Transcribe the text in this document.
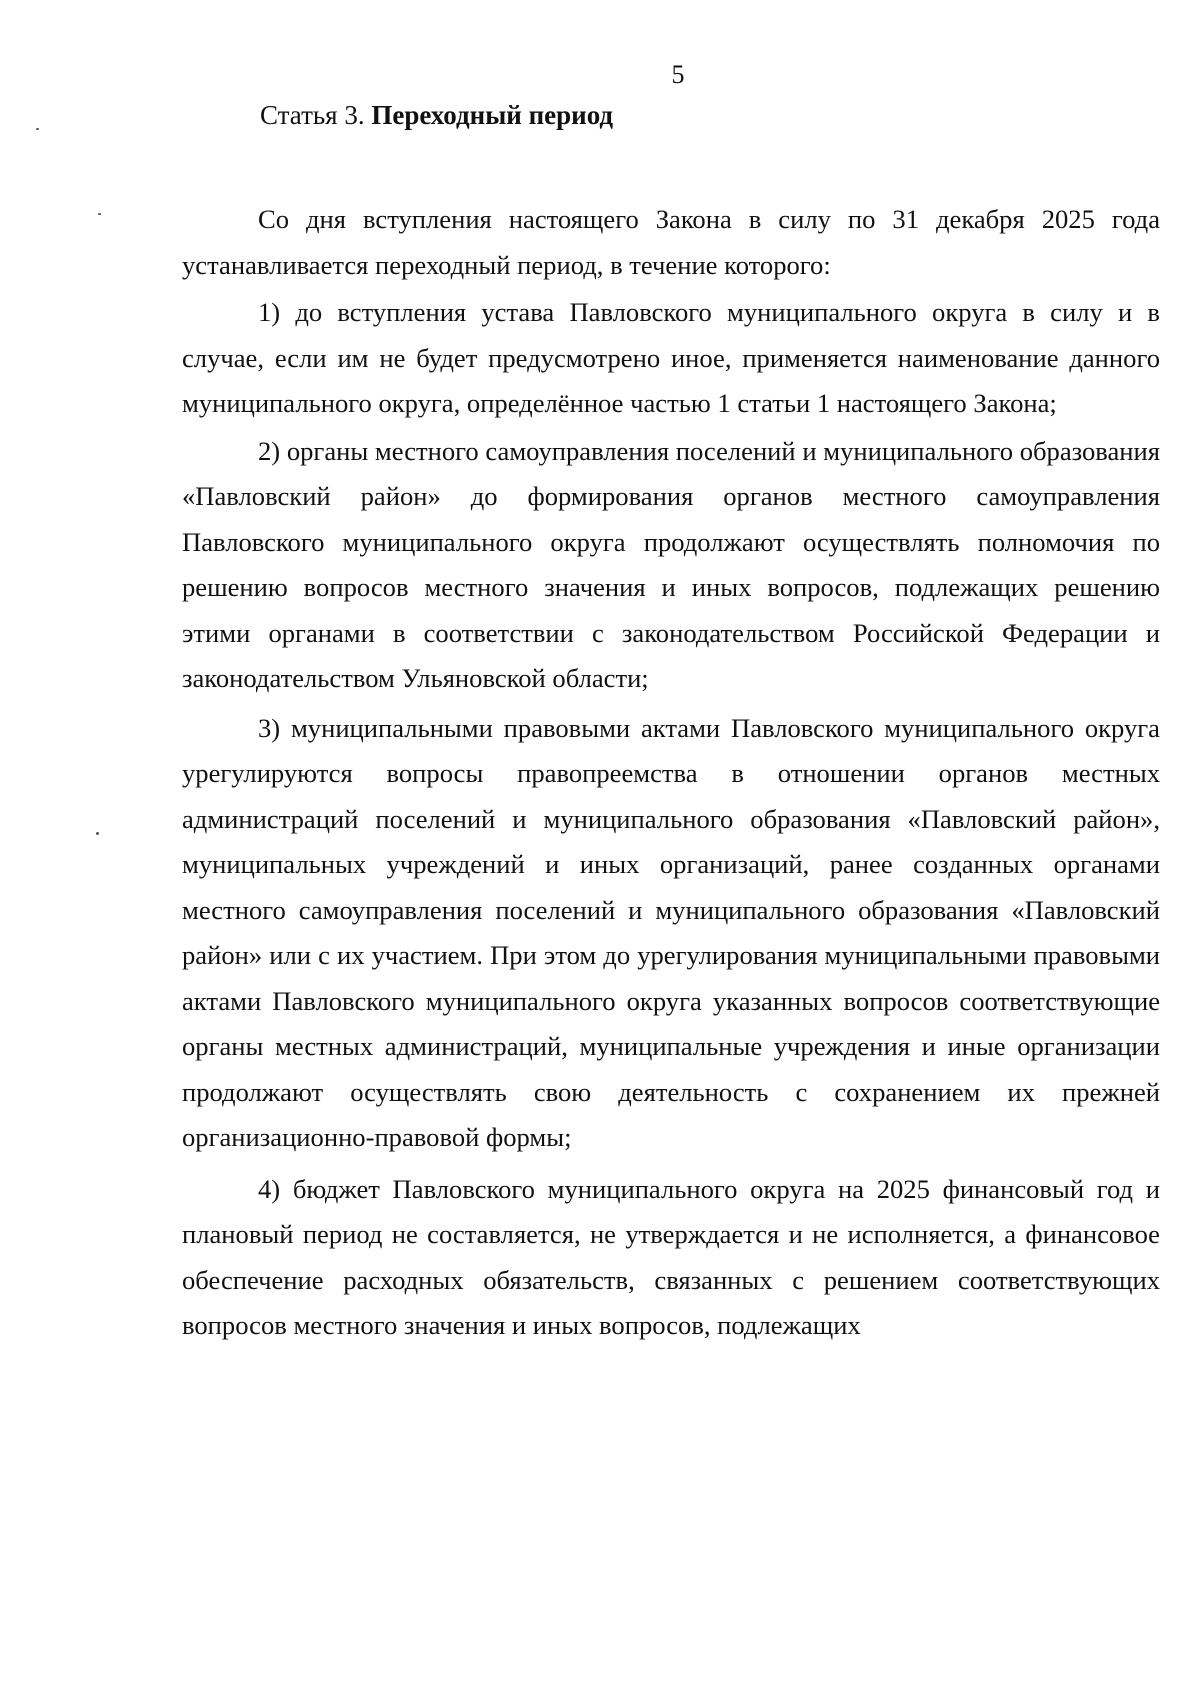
5
Статья 3. Переходный период

Со дня вступления настоящего Закона в силу по 31 декабря 2025 года устанавливается переходный период, в течение которого:

1) до вступления устава Павловского муниципального округа в силу и в случае, если им не будет предусмотрено иное, применяется наименование данного муниципального округа, определённое частью 1 статьи 1 настоящего Закона;

2) органы местного самоуправления поселений и муниципального образования «Павловский район» до формирования органов местного самоуправления Павловского муниципального округа продолжают осуществлять полномочия по решению вопросов местного значения и иных вопросов, подлежащих решению этими органами в соответствии с законодательством Российской Федерации и законодательством Ульяновской области;

3) муниципальными правовыми актами Павловского муниципального округа урегулируются вопросы правопреемства в отношении органов местных администраций поселений и муниципального образования «Павловский район», муниципальных учреждений и иных организаций, ранее созданных органами местного самоуправления поселений и муниципального образования «Павловский район» или с их участием. При этом до урегулирования муниципальными правовыми актами Павловского муниципального округа указанных вопросов соответствующие органы местных администраций, муниципальные учреждения и иные организации продолжают осуществлять свою деятельность с сохранением их прежней организационно-правовой формы;

4) бюджет Павловского муниципального округа на 2025 финансовый год и плановый период не составляется, не утверждается и не исполняется, а финансовое обеспечение расходных обязательств, связанных с решением соответствующих вопросов местного значения и иных вопросов, подлежащих
